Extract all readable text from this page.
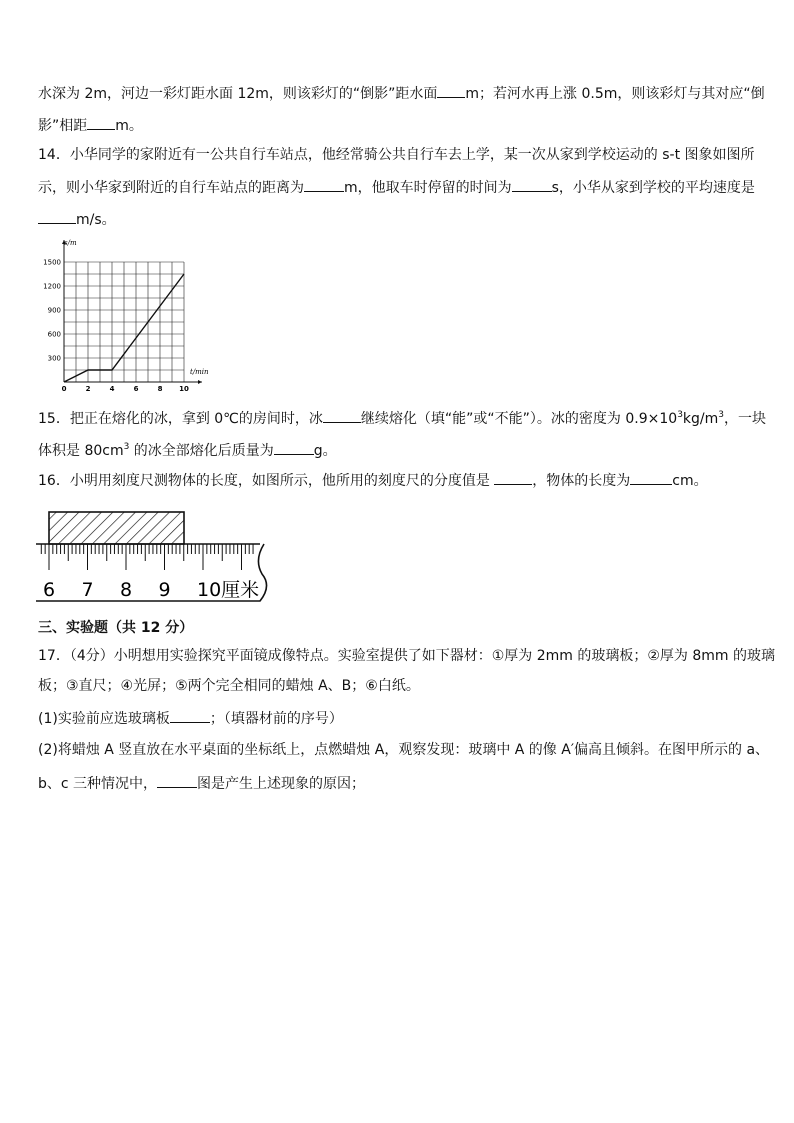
水深为 2m，河边一彩灯距水面 12m，则该彩灯的“倒影”距水面 m；若河水再上涨 0.5m，则该彩灯与其对应“倒
影”相距 m。
14．小华同学的家附近有一公共自行车站点，他经常骑公共自行车去上学，某一次从家到学校运动的 s-t 图象如图所
示，则小华家到附近的自行车站点的距离为	m，他取车时停留的时间为	s，小华从家到学校的平均速度是
m/s。
0	2	4	6	8 10
300
600
900
1200
1500
s/m
t/min
15．把正在熔化的冰，拿到 0℃的房间时，冰	继续熔化（填“能”或“不能”）。冰的密度为 $0.9\times 10^3kg/m^3$，一块
体积是 $80cm^3$ 的冰全部熔化后质量为	g。
16．小明用刻度尺测物体的长度，如图所示，他所用的刻度尺的分度值是	，物体的长度为	cm。
6 7 8 9 10厘米
三、实验题（共 12 分）
17．（4分）小明想用实验探究平面镜成像特点。实验室提供了如下器材：①厚为 2mm 的玻璃板；②厚为 8mm 的玻璃
板；③直尺；④光屏；⑤两个完全相同的蜡烛 A、B；⑥白纸。
(1)实验前应选玻璃板	；（填器材前的序号）
(2)将蜡烛 A 竖直放在水平桌面的坐标纸上，点燃蜡烛 A，观察发现：玻璃中 A 的像 A′偏高且倾斜。在图甲所示的 a、
b、c 三种情况中，	图是产生上述现象的原因；
